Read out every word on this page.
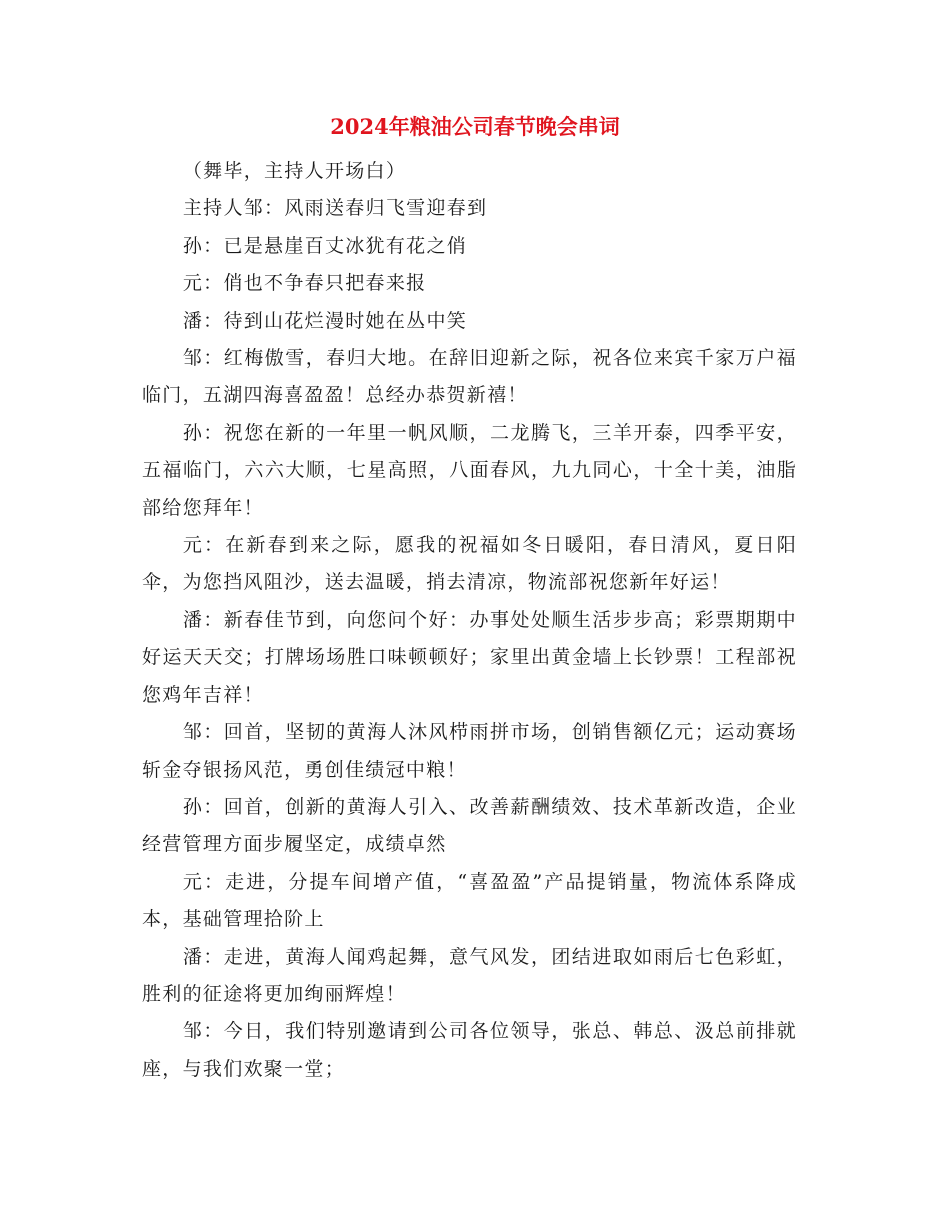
2024年粮油公司春节晚会串词

（舞毕，主持人开场白）

主持人邹：风雨送春归飞雪迎春到

孙：已是悬崖百丈冰犹有花之俏

元：俏也不争春只把春来报

潘：待到山花烂漫时她在丛中笑

邹：红梅傲雪，春归大地。在辞旧迎新之际，祝各位来宾千家万户福临门，五湖四海喜盈盈！总经办恭贺新禧！

孙：祝您在新的一年里一帆风顺，二龙腾飞，三羊开泰，四季平安，五福临门，六六大顺，七星高照，八面春风，九九同心，十全十美，油脂部给您拜年！

元：在新春到来之际，愿我的祝福如冬日暖阳，春日清风，夏日阳伞，为您挡风阻沙，送去温暖，捎去清凉，物流部祝您新年好运！

潘：新春佳节到，向您问个好：办事处处顺生活步步高；彩票期期中好运天天交；打牌场场胜口味顿顿好；家里出黄金墙上长钞票！工程部祝您鸡年吉祥！

邹：回首，坚韧的黄海人沐风栉雨拼市场，创销售额亿元；运动赛场斩金夺银扬风范，勇创佳绩冠中粮！

孙：回首，创新的黄海人引入、改善薪酬绩效、技术革新改造，企业经营管理方面步履坚定，成绩卓然

元：走进，分提车间增产值，“喜盈盈”产品提销量，物流体系降成本，基础管理拾阶上

潘：走进，黄海人闻鸡起舞，意气风发，团结进取如雨后七色彩虹，胜利的征途将更加绚丽辉煌！

邹：今日，我们特别邀请到公司各位领导，张总、韩总、汲总前排就座，与我们欢聚一堂；
